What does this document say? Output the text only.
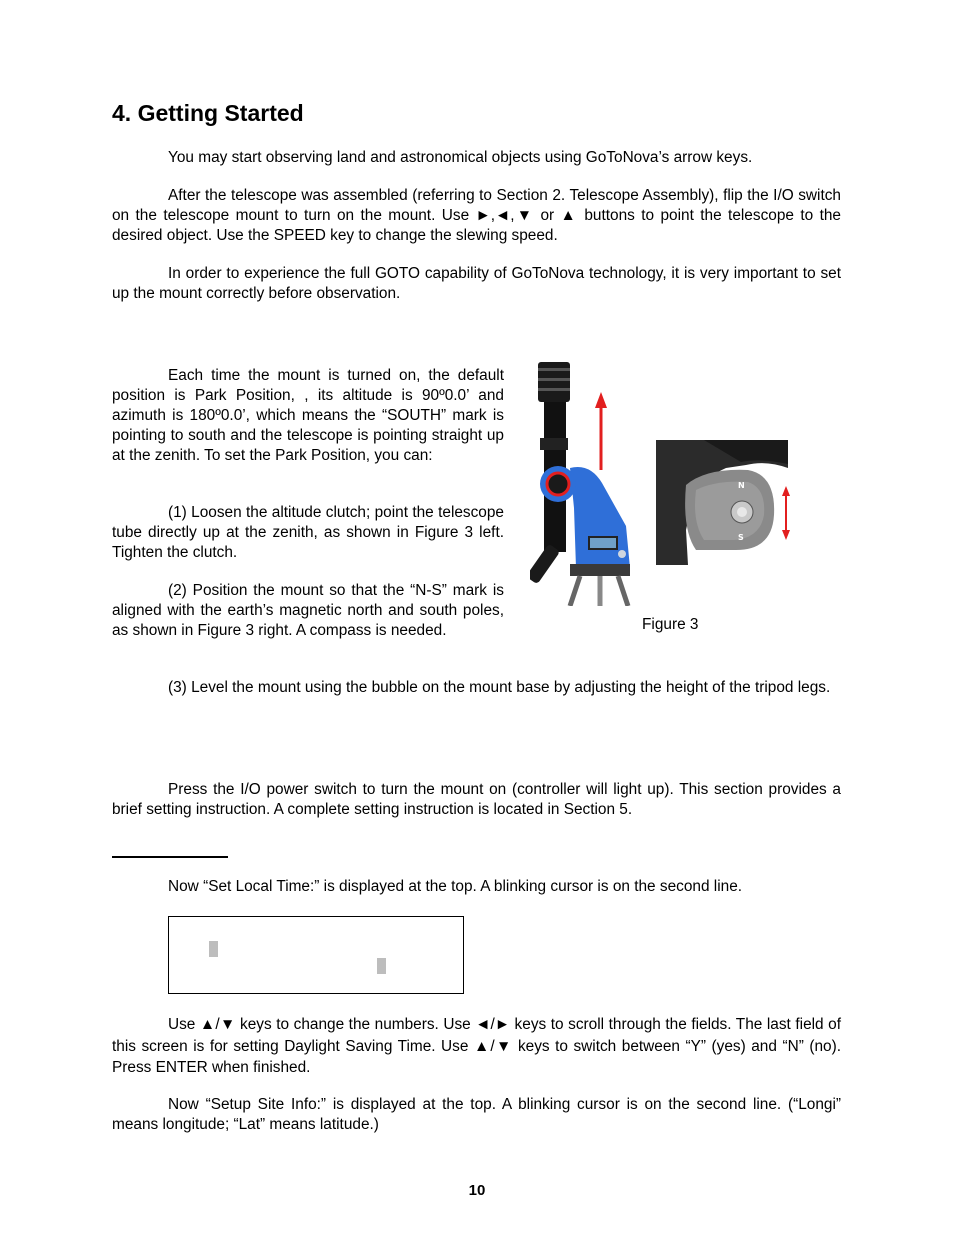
4. Getting Started

You may start observing land and astronomical objects using GoToNova’s arrow keys.

After the telescope was assembled (referring to Section 2. Telescope Assembly), flip the I/O switch on the telescope mount to turn on the mount. Use ►,◄,▼ or ▲ buttons to point the telescope to the desired object. Use the SPEED key to change the slewing speed.

In order to experience the full GOTO capability of GoToNova technology, it is very important to set up the mount correctly before observation.

Each time the mount is turned on, the default position is Park Position, , its altitude is 90º0.0’ and azimuth is 180º0.0’, which means the “SOUTH” mark is pointing to south and the telescope is pointing straight up at the zenith. To set the Park Position, you can:

(1) Loosen the altitude clutch; point the telescope tube directly up at the zenith, as shown in Figure 3 left. Tighten the clutch.

(2) Position the mount so that the “N-S” mark is aligned with the earth’s magnetic north and south poles, as shown in Figure 3 right. A compass is needed.

(3) Level the mount using the bubble on the mount base by adjusting the height of the tripod legs.

Press the I/O power switch to turn the mount on (controller will light up). This section provides a brief setting instruction. A complete setting instruction is located in Section 5.

Now “Set Local Time:” is displayed at the top. A blinking cursor is on the second line.

Use ▲/▼ keys to change the numbers. Use ◄/► keys to scroll through the fields. The last field of this screen is for setting Daylight Saving Time. Use ▲/▼ keys to switch between “Y” (yes) and “N” (no). Press ENTER when finished.

Now “Setup Site Info:” is displayed at the top. A blinking cursor is on the second line. (“Longi” means longitude; “Lat” means latitude.)

N
S
Figure 3
10
